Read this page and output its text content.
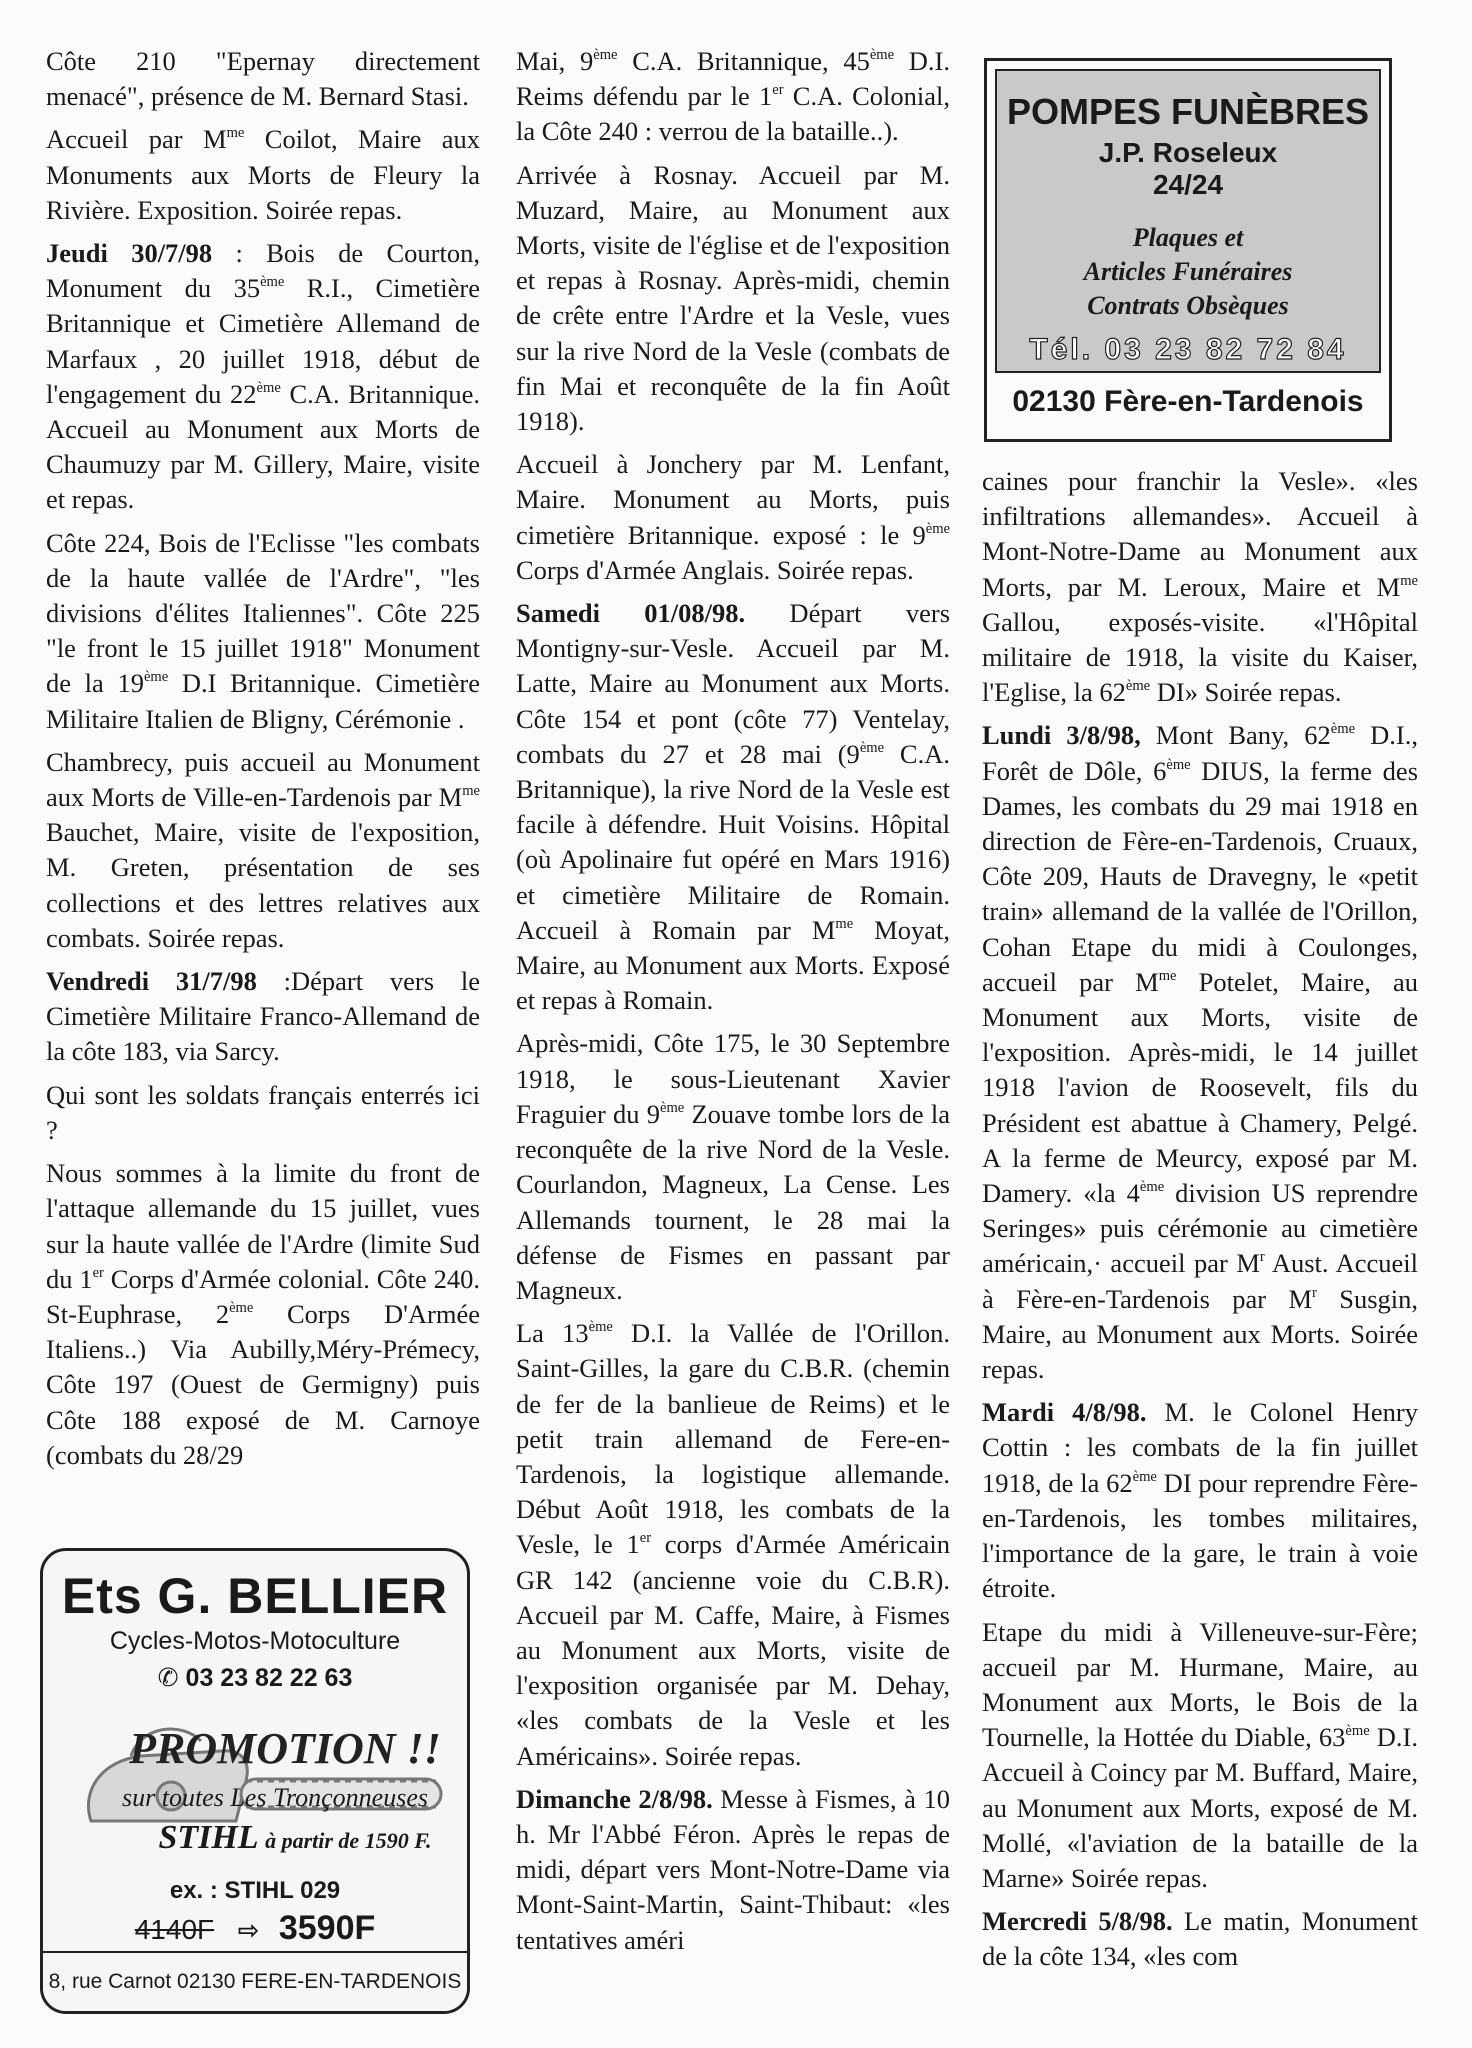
Côte 210 "Epernay directement menacé", présence de M. Bernard Stasi.

Accueil par $M^{me}$ Coilot, Maire aux Monuments aux Morts de Fleury la Rivière. Exposition. Soirée repas.

Jeudi 30/7/98 : Bois de Courton, Monument du 35ème R.I., Cimetière Britannique et Cimetière Allemand de Marfaux , 20 juillet 1918, début de l'engagement du 22ème C.A. Britannique. Accueil au Monument aux Morts de Chaumuzy par M. Gillery, Maire, visite et repas.

Côte 224, Bois de l'Eclisse "les combats de la haute vallée de l'Ardre", "les divisions d'élites Italiennes". Côte 225 "le front le 15 juillet 1918" Monument de la 19ème D.I Britannique. Cimetière Militaire Italien de Bligny, Cérémonie .

Chambrecy, puis accueil au Monument aux Morts de Ville-en-Tardenois par $M^{me}$ Bauchet, Maire, visite de l'exposition, M. Greten, présentation de ses collections et des lettres relatives aux combats. Soirée repas.

Vendredi 31/7/98 :Départ vers le Cimetière Militaire Franco-Allemand de la côte 183, via Sarcy.

Qui sont les soldats français enterrés ici ?

Nous sommes à la limite du front de l'attaque allemande du 15 juillet, vues sur la haute vallée de l'Ardre (limite Sud du 1er Corps d'Armée colonial. Côte 240. St-Euphrase, 2ème Corps D'Armée Italiens..) Via Aubilly,Méry-Prémecy, Côte 197 (Ouest de Germigny) puis Côte 188 exposé de M. Carnoye (combats du 28/29

Mai, 9ème C.A. Britannique, 45ème D.I. Reims défendu par le 1er C.A. Colonial, la Côte 240 : verrou de la bataille..).

Arrivée à Rosnay. Accueil par M. Muzard, Maire, au Monument aux Morts, visite de l'église et de l'exposition et repas à Rosnay. Après-midi, chemin de crête entre l'Ardre et la Vesle, vues sur la rive Nord de la Vesle (combats de fin Mai et reconquête de la fin Août 1918).

Accueil à Jonchery par M. Lenfant, Maire. Monument au Morts, puis cimetière Britannique. exposé : le 9ème Corps d'Armée Anglais. Soirée repas.

Samedi 01/08/98. Départ vers Montigny-sur-Vesle. Accueil par M. Latte, Maire au Monument aux Morts. Côte 154 et pont (côte 77) Ventelay, combats du 27 et 28 mai (9ème C.A. Britannique), la rive Nord de la Vesle est facile à défendre. Huit Voisins. Hôpital (où Apolinaire fut opéré en Mars 1916) et cimetière Militaire de Romain. Accueil à Romain par $M^{me}$ Moyat, Maire, au Monument aux Morts. Exposé et repas à Romain.

Après-midi, Côte 175, le 30 Septembre 1918, le sous-Lieutenant Xavier Fraguier du 9ème Zouave tombe lors de la reconquête de la rive Nord de la Vesle. Courlandon, Magneux, La Cense. Les Allemands tournent, le 28 mai la défense de Fismes en passant par Magneux.

La 13ème D.I. la Vallée de l'Orillon. Saint-Gilles, la gare du C.B.R. (chemin de fer de la banlieue de Reims) et le petit train allemand de Fere-en-Tardenois, la logistique allemande. Début Août 1918, les combats de la Vesle, le 1er corps d'Armée Américain GR 142 (ancienne voie du C.B.R). Accueil par M. Caffe, Maire, à Fismes au Monument aux Morts, visite de l'exposition organisée par M. Dehay, «les combats de la Vesle et les Américains». Soirée repas.

Dimanche 2/8/98. Messe à Fismes, à 10 h. Mr l'Abbé Féron. Après le repas de midi, départ vers Mont-Notre-Dame via Mont-Saint-Martin, Saint-Thibaut: «les tentatives améri

caines pour franchir la Vesle». «les infiltrations allemandes». Accueil à Mont-Notre-Dame au Monument aux Morts, par M. Leroux, Maire et $M^{me}$ Gallou, exposés-visite. «l'Hôpital militaire de 1918, la visite du Kaiser, l'Eglise, la 62ème DI» Soirée repas.

Lundi 3/8/98, Mont Bany, 62ème D.I., Forêt de Dôle, 6ème DIUS, la ferme des Dames, les combats du 29 mai 1918 en direction de Fère-en-Tardenois, Cruaux, Côte 209, Hauts de Dravegny, le «petit train» allemand de la vallée de l'Orillon, Cohan Etape du midi à Coulonges, accueil par $M^{me}$ Potelet, Maire, au Monument aux Morts, visite de l'exposition. Après-midi, le 14 juillet 1918 l'avion de Roosevelt, fils du Président est abattue à Chamery, Pelgé. A la ferme de Meurcy, exposé par M. Damery. «la 4ème division US reprendre Seringes» puis cérémonie au cimetière américain,· accueil par $M^r$ Aust. Accueil à Fère-en-Tardenois par $M^r$ Susgin, Maire, au Monument aux Morts. Soirée repas.

Mardi 4/8/98. M. le Colonel Henry Cottin : les combats de la fin juillet 1918, de la 62ème DI pour reprendre Fère-en-Tardenois, les tombes militaires, l'importance de la gare, le train à voie étroite.

Etape du midi à Villeneuve-sur-Fère; accueil par M. Hurmane, Maire, au Monument aux Morts, le Bois de la Tournelle, la Hottée du Diable, 63ème D.I. Accueil à Coincy par M. Buffard, Maire, au Monument aux Morts, exposé de M. Mollé, «l'aviation de la bataille de la Marne» Soirée repas.

Mercredi 5/8/98. Le matin, Monument de la côte 134, «les com

POMPES FUNÈBRES
J.P. Roseleux
24/24
Plaques et
Articles Funéraires
Contrats Obsèques
Tél. 03 23 82 72 84
02130 Fère-en-Tardenois
Ets G. BELLIER
Cycles-Motos-Motoculture
✆ 03 23 82 22 63
PROMOTION !!
sur toutes Les Tronçonneuses
STIHL à partir de 1590 F.
ex. : STIHL 029
4140F ⇨ 3590F
8, rue Carnot 02130 FERE-EN-TARDENOIS
